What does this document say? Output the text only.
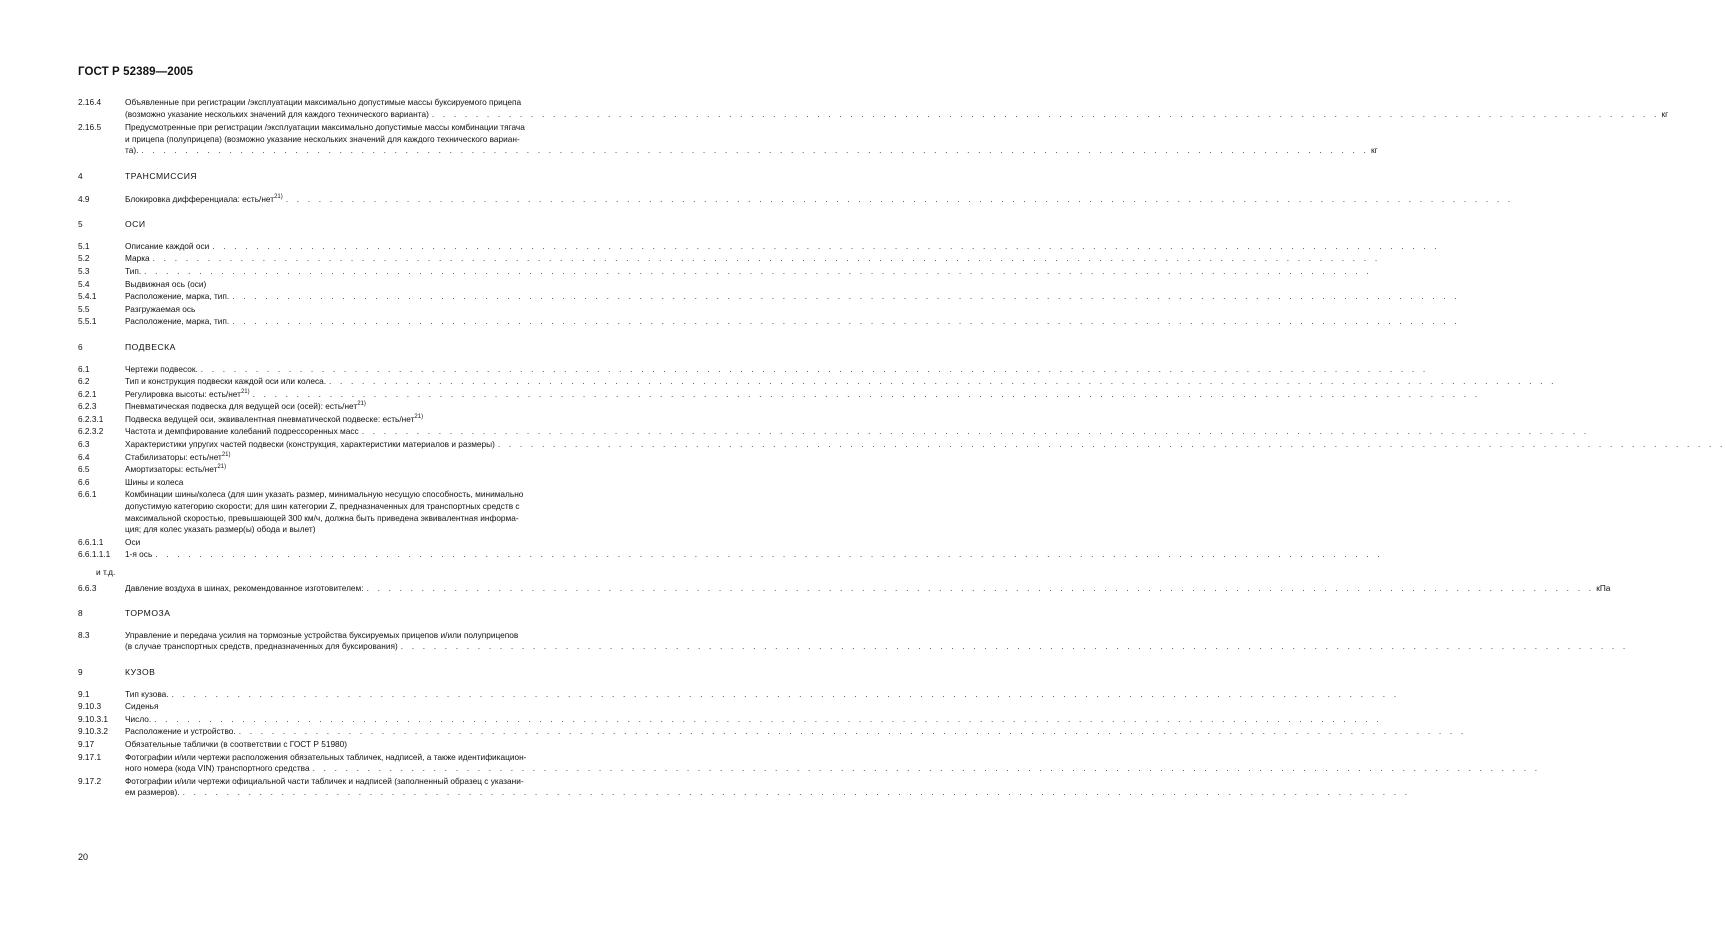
ГОСТ Р 52389—2005
2.16.4	Объявленные при регистрации /эксплуатации максимально допустимые массы буксируемого прицепа
(возможно указание нескольких значений для каждого технического варианта) . . . . . . . . . . . . . . . . . . . . . . . . . . . . . . . . . . . . . . . . . . . . . . . . . . . . . . . . . . . . . . . . . . . . . . . . . . . . . . . . . . . . . . . . . . . . . . . . . . . . . . . . . . . . . . . . кг
2.16.5	Предусмотренные при регистрации /эксплуатации максимально допустимые массы комбинации тягача
и прицепа (полуприцепа) (возможно указание нескольких значений для каждого технического вариан-
та). . . . . . . . . . . . . . . . . . . . . . . . . . . . . . . . . . . . . . . . . . . . . . . . . . . . . . . . . . . . . . . . . . . . . . . . . . . . . . . . . . . . . . . . . . . . . . . . . . . . . . . . . . . . . . . . . кг
4	ТРАНСМИССИЯ
4.9	Блокировка дифференциала: есть/нет$^{21)}$ . . . . . . . . . . . . . . . . . . . . . . . . . . . . . . . . . . . . . . . . . . . . . . . . . . . . . . . . . . . . . . . . . . . . . . . . . . . . . . . . . . . . . . . . . . . . . . . . . . . . . . . . . . . . . . . .
5	ОСИ
5.1	Описание каждой оси . . . . . . . . . . . . . . . . . . . . . . . . . . . . . . . . . . . . . . . . . . . . . . . . . . . . . . . . . . . . . . . . . . . . . . . . . . . . . . . . . . . . . . . . . . . . . . . . . . . . . . . . . . . . . . . .
5.2	Марка . . . . . . . . . . . . . . . . . . . . . . . . . . . . . . . . . . . . . . . . . . . . . . . . . . . . . . . . . . . . . . . . . . . . . . . . . . . . . . . . . . . . . . . . . . . . . . . . . . . . . . . . . . . . . . . .
5.3	Тип. . . . . . . . . . . . . . . . . . . . . . . . . . . . . . . . . . . . . . . . . . . . . . . . . . . . . . . . . . . . . . . . . . . . . . . . . . . . . . . . . . . . . . . . . . . . . . . . . . . . . . . . . . . . . . . . .
5.4	Выдвижная ось (оси)
5.4.1	Расположение, марка, тип. . . . . . . . . . . . . . . . . . . . . . . . . . . . . . . . . . . . . . . . . . . . . . . . . . . . . . . . . . . . . . . . . . . . . . . . . . . . . . . . . . . . . . . . . . . . . . . . . . . . . . . . . . . . . . . . .
5.5	Разгружаемая ось
5.5.1	Расположение, марка, тип. . . . . . . . . . . . . . . . . . . . . . . . . . . . . . . . . . . . . . . . . . . . . . . . . . . . . . . . . . . . . . . . . . . . . . . . . . . . . . . . . . . . . . . . . . . . . . . . . . . . . . . . . . . . . . . . .
6	ПОДВЕСКА
6.1	Чертежи подвесок. . . . . . . . . . . . . . . . . . . . . . . . . . . . . . . . . . . . . . . . . . . . . . . . . . . . . . . . . . . . . . . . . . . . . . . . . . . . . . . . . . . . . . . . . . . . . . . . . . . . . . . . . . . . . . . . .
6.2	Тип и конструкция подвески каждой оси или колеса. . . . . . . . . . . . . . . . . . . . . . . . . . . . . . . . . . . . . . . . . . . . . . . . . . . . . . . . . . . . . . . . . . . . . . . . . . . . . . . . . . . . . . . . . . . . . . . . . . . . . . . . . . . . . . . . .
6.2.1	Регулировка высоты: есть/нет$^{21)}$ . . . . . . . . . . . . . . . . . . . . . . . . . . . . . . . . . . . . . . . . . . . . . . . . . . . . . . . . . . . . . . . . . . . . . . . . . . . . . . . . . . . . . . . . . . . . . . . . . . . . . . . . . . . . . . . .
6.2.3	Пневматическая подвеска для ведущей оси (осей): есть/нет$^{21)}$
6.2.3.1	Подвеска ведущей оси, эквивалентная пневматической подвеске: есть/нет$^{21)}$
6.2.3.2	Частота и демпфирование колебаний подрессоренных масс . . . . . . . . . . . . . . . . . . . . . . . . . . . . . . . . . . . . . . . . . . . . . . . . . . . . . . . . . . . . . . . . . . . . . . . . . . . . . . . . . . . . . . . . . . . . . . . . . . . . . . . . . . . . . . . .
6.3	Характеристики упругих частей подвески (конструкция, характеристики материалов и размеры) . . . . . . . . . . . . . . . . . . . . . . . . . . . . . . . . . . . . . . . . . . . . . . . . . . . . . . . . . . . . . . . . . . . . . . . . . . . . . . . . . . . . . . . . . . . . . . . . . . . . . . . . . . . . . . . .
6.4	Стабилизаторы: есть/нет$^{21)}$
6.5	Амортизаторы: есть/нет$^{21)}$
6.6	Шины и колеса
6.6.1	Комбинации шины/колеса (для шин указать размер, минимальную несущую способность, минимально
допустимую категорию скорости; для шин категории Z, предназначенных для транспортных средств с
максимальной скоростью, превышающей 300 км/ч, должна быть приведена эквивалентная информа-
ция; для колес указать размер(ы) обода и вылет)
6.6.1.1	Оси
6.6.1.1.1 1-я ось . . . . . . . . . . . . . . . . . . . . . . . . . . . . . . . . . . . . . . . . . . . . . . . . . . . . . . . . . . . . . . . . . . . . . . . . . . . . . . . . . . . . . . . . . . . . . . . . . . . . . . . . . . . . . . . .
и т.д.
6.6.3	Давление воздуха в шинах, рекомендованное изготовителем: . . . . . . . . . . . . . . . . . . . . . . . . . . . . . . . . . . . . . . . . . . . . . . . . . . . . . . . . . . . . . . . . . . . . . . . . . . . . . . . . . . . . . . . . . . . . . . . . . . . . . . . . . . . . . . . . кПа
8	ТОРМОЗА
8.3	Управление и передача усилия на тормозные устройства буксируемых прицепов и/или полуприцепов
(в случае транспортных средств, предназначенных для буксирования) . . . . . . . . . . . . . . . . . . . . . . . . . . . . . . . . . . . . . . . . . . . . . . . . . . . . . . . . . . . . . . . . . . . . . . . . . . . . . . . . . . . . . . . . . . . . . . . . . . . . . . . . . . . . . . . .
9	КУЗОВ
9.1	Тип кузова. . . . . . . . . . . . . . . . . . . . . . . . . . . . . . . . . . . . . . . . . . . . . . . . . . . . . . . . . . . . . . . . . . . . . . . . . . . . . . . . . . . . . . . . . . . . . . . . . . . . . . . . . . . . . . . . .
9.10.3	Сиденья
9.10.3.1 Число. . . . . . . . . . . . . . . . . . . . . . . . . . . . . . . . . . . . . . . . . . . . . . . . . . . . . . . . . . . . . . . . . . . . . . . . . . . . . . . . . . . . . . . . . . . . . . . . . . . . . . . . . . . . . . . . .
9.10.3.2 Расположение и устройство. . . . . . . . . . . . . . . . . . . . . . . . . . . . . . . . . . . . . . . . . . . . . . . . . . . . . . . . . . . . . . . . . . . . . . . . . . . . . . . . . . . . . . . . . . . . . . . . . . . . . . . . . . . . . . . . .
9.17	Обязательные таблички (в соответствии с ГОСТ Р 51980)
9.17.1	Фотографии и/или чертежи расположения обязательных табличек, надписей, а также идентификацион-
ного номера (кода VIN) транспортного средства . . . . . . . . . . . . . . . . . . . . . . . . . . . . . . . . . . . . . . . . . . . . . . . . . . . . . . . . . . . . . . . . . . . . . . . . . . . . . . . . . . . . . . . . . . . . . . . . . . . . . . . . . . . . . . . .
9.17.2	Фотографии и/или чертежи официальной части табличек и надписей (заполненный образец с указани-
ем размеров). . . . . . . . . . . . . . . . . . . . . . . . . . . . . . . . . . . . . . . . . . . . . . . . . . . . . . . . . . . . . . . . . . . . . . . . . . . . . . . . . . . . . . . . . . . . . . . . . . . . . . . . . . . . . . . . .
20
